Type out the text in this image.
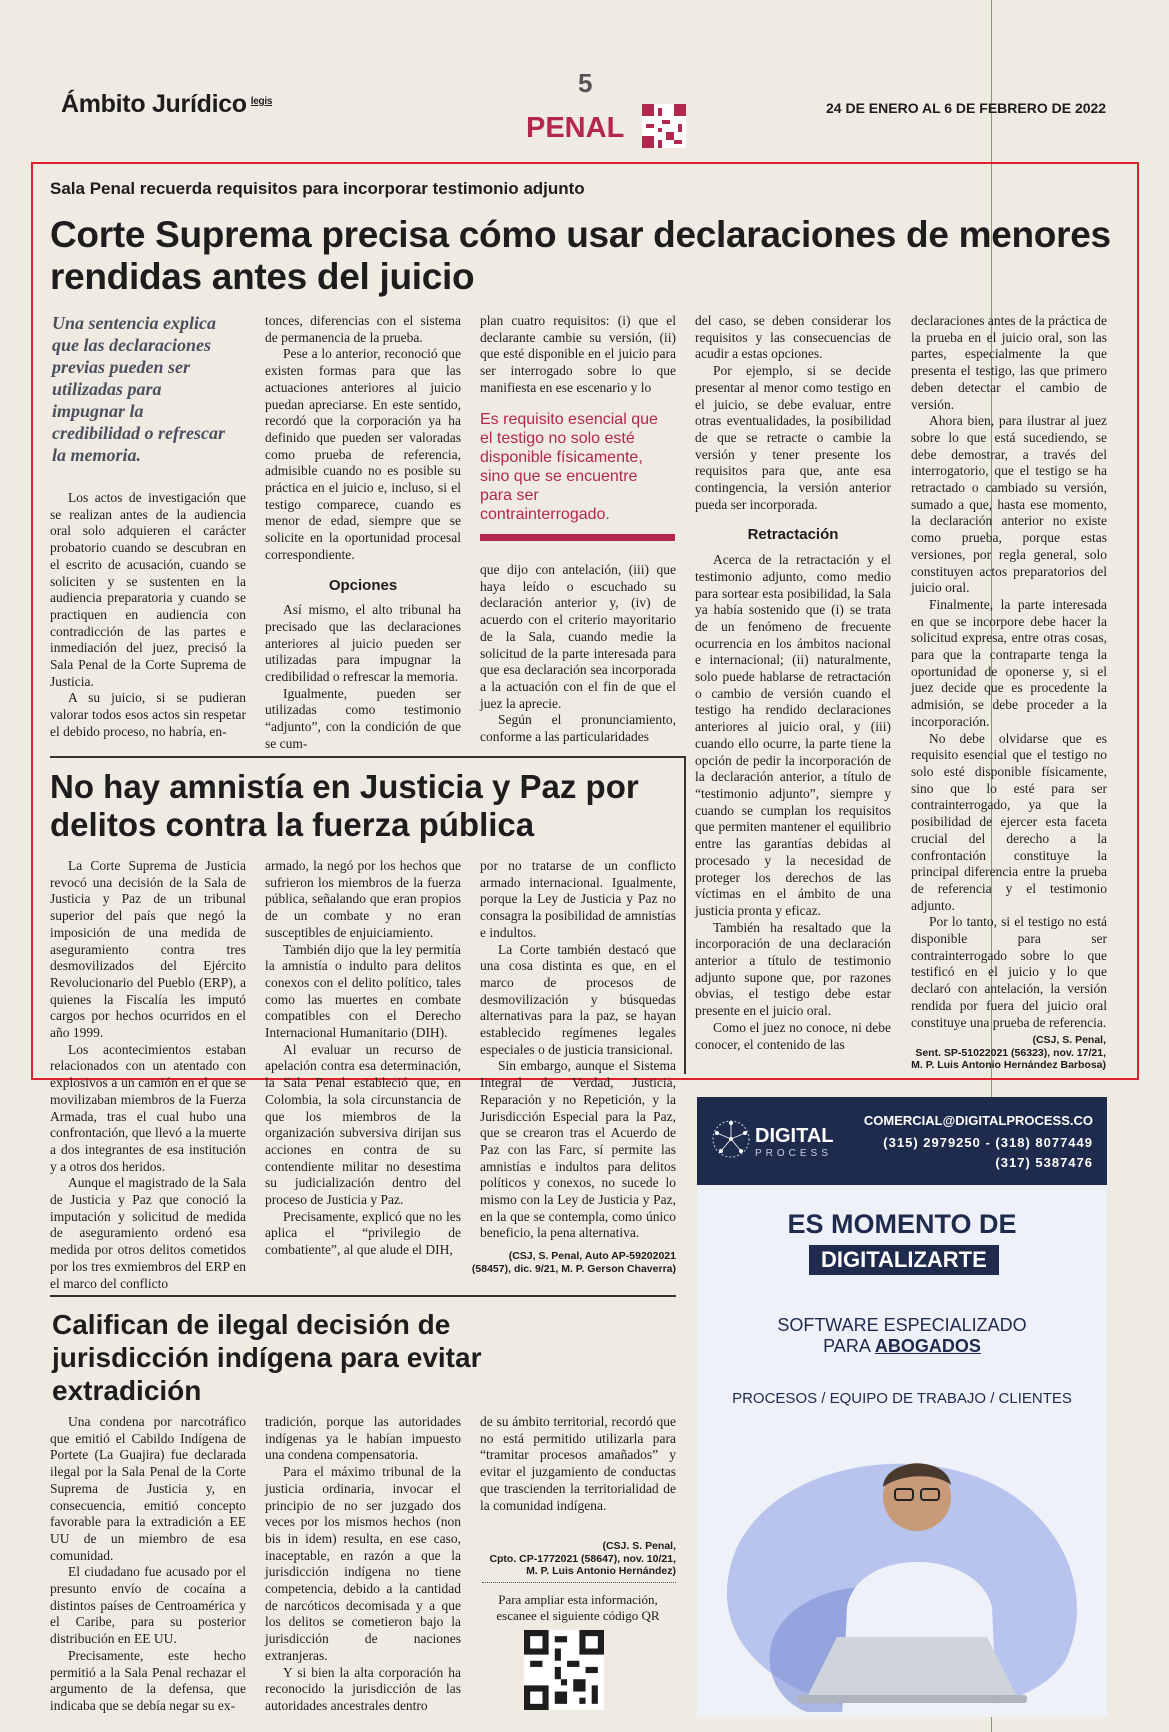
Ámbito Jurídico $^{legis}$
5
PENAL
24 DE ENERO AL 6 DE FEBRERO DE 2022
Sala Penal recuerda requisitos para incorporar testimonio adjunto
Corte Suprema precisa cómo usar declaraciones de menores rendidas antes del juicio
Una sentencia explica que las declaraciones previas pueden ser utilizadas para impugnar la credibilidad o refrescar la memoria.

Los actos de investigación que se realizan antes de la audiencia oral solo adquieren el carácter probatorio cuando se descubran en el escrito de acusación, cuando se soliciten y se sustenten en la audiencia preparatoria y cuando se practiquen en audiencia con contradicción de las partes e inmediación del juez, precisó la Sala Penal de la Corte Suprema de Justicia.

A su juicio, si se pudieran valorar todos esos actos sin respetar el debido proceso, no habría, en-

tonces, diferencias con el sistema de permanencia de la prueba.

Pese a lo anterior, reconoció que existen formas para que las actuaciones anteriores al juicio puedan apreciarse. En este sentido, recordó que la corporación ya ha definido que pueden ser valoradas como prueba de referencia, admisible cuando no es posible su práctica en el juicio e, incluso, si el testigo comparece, cuando es menor de edad, siempre que se solicite en la oportunidad procesal correspondiente.

Opciones

Así mismo, el alto tribunal ha precisado que las declaraciones anteriores al juicio pueden ser utilizadas para impugnar la credibilidad o refrescar la memoria.

Igualmente, pueden ser utilizadas como testimonio “adjunto”, con la condición de que se cum-

plan cuatro requisitos: (i) que el declarante cambie su versión, (ii) que esté disponible en el juicio para ser interrogado sobre lo que manifiesta en ese escenario y lo

Es requisito esencial que el testigo no solo esté disponible físicamente, sino que se encuentre para ser contrainterrogado.

que dijo con antelación, (iii) que haya leído o escuchado su declaración anterior y, (iv) de acuerdo con el criterio mayoritario de la Sala, cuando medie la solicitud de la parte interesada para que esa declaración sea incorporada a la actuación con el fin de que el juez la aprecie.

Según el pronunciamiento, conforme a las particularidades

del caso, se deben considerar los requisitos y las consecuencias de acudir a estas opciones.

Por ejemplo, si se decide presentar al menor como testigo en el juicio, se debe evaluar, entre otras eventualidades, la posibilidad de que se retracte o cambie la versión y tener presente los requisitos para que, ante esa contingencia, la versión anterior pueda ser incorporada.

Retractación

Acerca de la retractación y el testimonio adjunto, como medio para sortear esta posibilidad, la Sala ya había sostenido que (i) se trata de un fenómeno de frecuente ocurrencia en los ámbitos nacional e internacional; (ii) naturalmente, solo puede hablarse de retractación o cambio de versión cuando el testigo ha rendido declaraciones anteriores al juicio oral, y (iii) cuando ello ocurre, la parte tiene la opción de pedir la incorporación de la declaración anterior, a título de “testimonio adjunto”, siempre y cuando se cumplan los requisitos que permiten mantener el equilibrio entre las garantías debidas al procesado y la necesidad de proteger los derechos de las víctimas en el ámbito de una justicia pronta y eficaz.

También ha resaltado que la incorporación de una declaración anterior a título de testimonio adjunto supone que, por razones obvias, el testigo debe estar presente en el juicio oral.

Como el juez no conoce, ni debe conocer, el contenido de las

declaraciones antes de la práctica de la prueba en el juicio oral, son las partes, especialmente la que presenta el testigo, las que primero deben detectar el cambio de versión.

Ahora bien, para ilustrar al juez sobre lo que está sucediendo, se debe demostrar, a través del interrogatorio, que el testigo se ha retractado o cambiado su versión, sumado a que, hasta ese momento, la declaración anterior no existe como prueba, porque estas versiones, por regla general, solo constituyen actos preparatorios del juicio oral.

Finalmente, la parte interesada en que se incorpore debe hacer la solicitud expresa, entre otras cosas, para que la contraparte tenga la oportunidad de oponerse y, si el juez decide que es procedente la admisión, se debe proceder a la incorporación.

No debe olvidarse que es requisito esencial que el testigo no solo esté disponible físicamente, sino que lo esté para ser contrainterrogado, ya que la posibilidad de ejercer esta faceta crucial del derecho a la confrontación constituye la principal diferencia entre la prueba de referencia y el testimonio adjunto.

Por lo tanto, si el testigo no está disponible para ser contrainterrogado sobre lo que testificó en el juicio y lo que declaró con antelación, la versión rendida por fuera del juicio oral constituye una prueba de referencia.

(CSJ, S. Penal,
Sent. SP-51022021 (56323), nov. 17/21,
M. P. Luis Antonio Hernández Barbosa)
No hay amnistía en Justicia y Paz por delitos contra la fuerza pública

La Corte Suprema de Justicia revocó una decisión de la Sala de Justicia y Paz de un tribunal superior del país que negó la imposición de una medida de aseguramiento contra tres desmovilizados del Ejército Revolucionario del Pueblo (ERP), a quienes la Fiscalía les imputó cargos por hechos ocurridos en el año 1999.

Los acontecimientos estaban relacionados con un atentado con explosivos a un camión en el que se movilizaban miembros de la Fuerza Armada, tras el cual hubo una confrontación, que llevó a la muerte a dos integrantes de esa institución y a otros dos heridos.

Aunque el magistrado de la Sala de Justicia y Paz que conoció la imputación y solicitud de medida de aseguramiento ordenó esa medida por otros delitos cometidos por los tres exmiembros del ERP en el marco del conflicto

armado, la negó por los hechos que sufrieron los miembros de la fuerza pública, señalando que eran propios de un combate y no eran susceptibles de enjuiciamiento.

También dijo que la ley permitía la amnistía o indulto para delitos conexos con el delito político, tales como las muertes en combate compatibles con el Derecho Internacional Humanitario (DIH).

Al evaluar un recurso de apelación contra esa determinación, la Sala Penal estableció que, en Colombia, la sola circunstancia de que los miembros de la organización subversiva dirijan sus acciones en contra de su contendiente militar no desestima su judicialización dentro del proceso de Justicia y Paz.

Precisamente, explicó que no les aplica el “privilegio de combatiente”, al que alude el DIH,

por no tratarse de un conflicto armado internacional. Igualmente, porque la Ley de Justicia y Paz no consagra la posibilidad de amnistías e indultos.

La Corte también destacó que una cosa distinta es que, en el marco de procesos de desmovilización y búsquedas alternativas para la paz, se hayan establecido regímenes legales especiales o de justicia transicional.

Sin embargo, aunque el Sistema Integral de Verdad, Justicia, Reparación y no Repetición, y la Jurisdicción Especial para la Paz, que se crearon tras el Acuerdo de Paz con las Farc, sí permite las amnistías e indultos para delitos políticos y conexos, no sucede lo mismo con la Ley de Justicia y Paz, en la que se contempla, como único beneficio, la pena alternativa.

(CSJ, S. Penal, Auto AP-59202021
(58457), dic. 9/21, M. P. Gerson Chaverra)
Califican de ilegal decisión de jurisdicción indígena para evitar extradición

Una condena por narcotráfico que emitió el Cabildo Indígena de Portete (La Guajira) fue declarada ilegal por la Sala Penal de la Corte Suprema de Justicia y, en consecuencia, emitió concepto favorable para la extradición a EE UU de un miembro de esa comunidad.

El ciudadano fue acusado por el presunto envío de cocaína a distintos países de Centroamérica y el Caribe, para su posterior distribución en EE UU.

Precisamente, este hecho permitió a la Sala Penal rechazar el argumento de la defensa, que indicaba que se debía negar su ex-

tradición, porque las autoridades indígenas ya le habían impuesto una condena compensatoria.

Para el máximo tribunal de la justicia ordinaria, invocar el principio de no ser juzgado dos veces por los mismos hechos (non bis in idem) resulta, en ese caso, inaceptable, en razón a que la jurisdicción indígena no tiene competencia, debido a la cantidad de narcóticos decomisada y a que los delitos se cometieron bajo la jurisdicción de naciones extranjeras.

Y si bien la alta corporación ha reconocido la jurisdicción de las autoridades ancestrales dentro

de su ámbito territorial, recordó que no está permitido utilizarla para “tramitar procesos amañados” y evitar el juzgamiento de conductas que trascienden la territorialidad de la comunidad indígena.

(CSJ. S. Penal,
Cpto. CP-1772021 (58647), nov. 10/21,
M. P. Luis Antonio Hernández)
Para ampliar esta información, escanee el siguiente código QR
DIGITAL
PROCESS
COMERCIAL@DIGITALPROCESS.CO
(315) 2979250 - (318) 8077449
(317) 5387476
ES MOMENTO DE
DIGITALIZARTE
SOFTWARE ESPECIALIZADO
PARA ABOGADOS
PROCESOS / EQUIPO DE TRABAJO / CLIENTES
